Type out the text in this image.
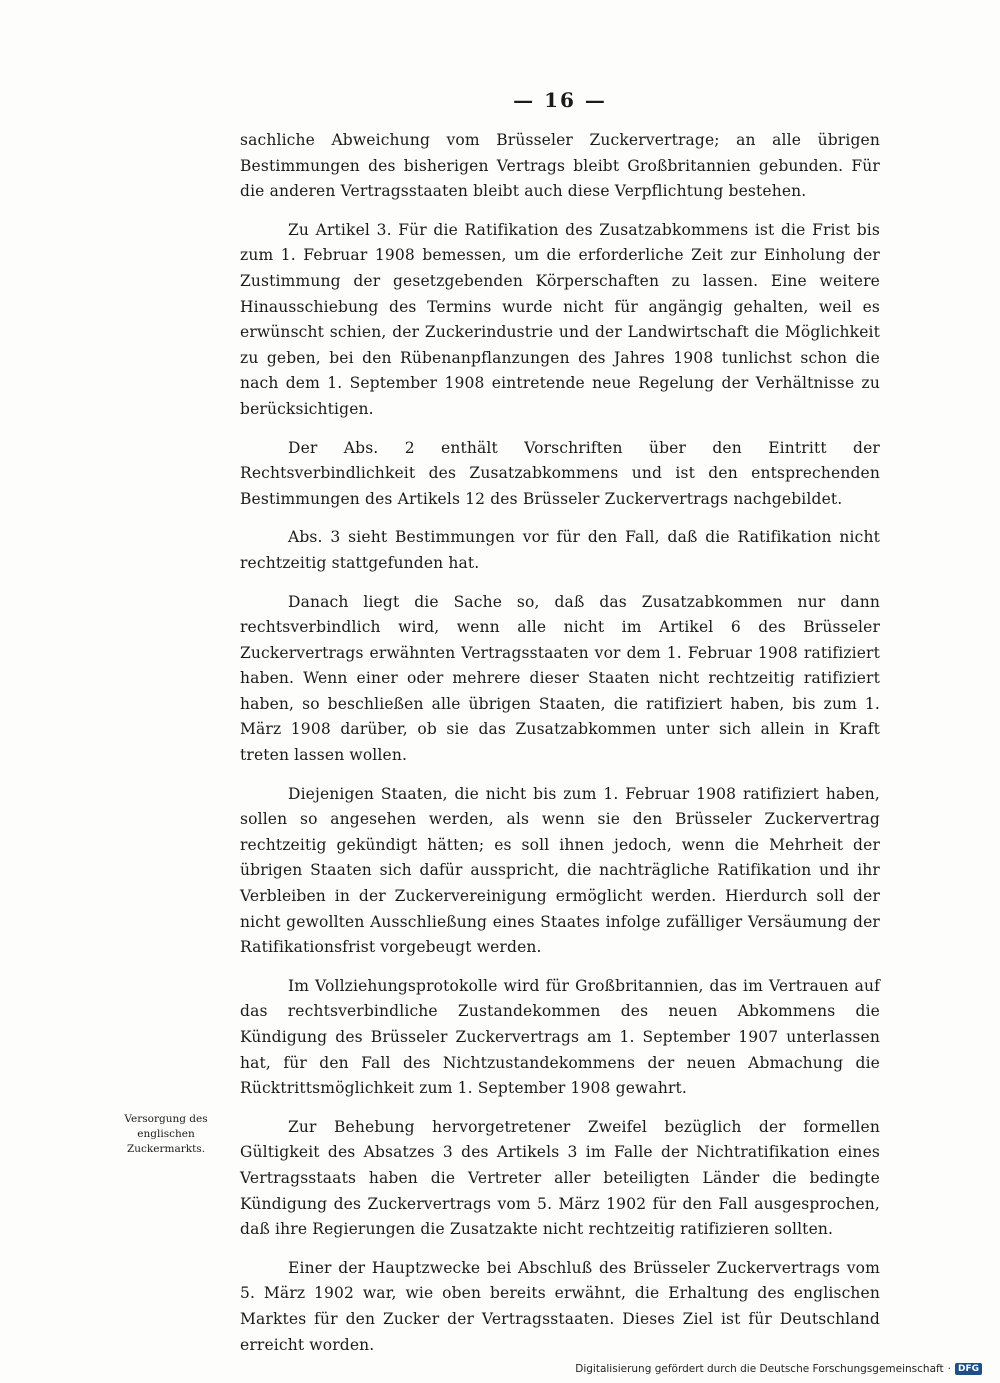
— 16 —

sachliche Abweichung vom Brüsseler Zuckervertrage; an alle übrigen Bestimmungen des bisherigen Vertrags bleibt Großbritannien gebunden. Für die anderen Vertragsstaaten bleibt auch diese Verpflichtung bestehen.

Zu Artikel 3. Für die Ratifikation des Zusatzabkommens ist die Frist bis zum 1. Februar 1908 bemessen, um die erforderliche Zeit zur Einholung der Zustimmung der gesetzgebenden Körperschaften zu lassen. Eine weitere Hinausschiebung des Termins wurde nicht für angängig gehalten, weil es erwünscht schien, der Zuckerindustrie und der Landwirtschaft die Möglichkeit zu geben, bei den Rübenanpflanzungen des Jahres 1908 tunlichst schon die nach dem 1. September 1908 eintretende neue Regelung der Verhältnisse zu berücksichtigen.

Der Abs. 2 enthält Vorschriften über den Eintritt der Rechtsverbindlichkeit des Zusatzabkommens und ist den entsprechenden Bestimmungen des Artikels 12 des Brüsseler Zuckervertrags nachgebildet.

Abs. 3 sieht Bestimmungen vor für den Fall, daß die Ratifikation nicht rechtzeitig stattgefunden hat.

Danach liegt die Sache so, daß das Zusatzabkommen nur dann rechtsverbindlich wird, wenn alle nicht im Artikel 6 des Brüsseler Zuckervertrags erwähnten Vertragsstaaten vor dem 1. Februar 1908 ratifiziert haben. Wenn einer oder mehrere dieser Staaten nicht rechtzeitig ratifiziert haben, so beschließen alle übrigen Staaten, die ratifiziert haben, bis zum 1. März 1908 darüber, ob sie das Zusatzabkommen unter sich allein in Kraft treten lassen wollen.

Diejenigen Staaten, die nicht bis zum 1. Februar 1908 ratifiziert haben, sollen so angesehen werden, als wenn sie den Brüsseler Zuckervertrag rechtzeitig gekündigt hätten; es soll ihnen jedoch, wenn die Mehrheit der übrigen Staaten sich dafür ausspricht, die nachträgliche Ratifikation und ihr Verbleiben in der Zuckervereinigung ermöglicht werden. Hierdurch soll der nicht gewollten Ausschließung eines Staates infolge zufälliger Versäumung der Ratifikationsfrist vorgebeugt werden.

Im Vollziehungsprotokolle wird für Großbritannien, das im Vertrauen auf das rechtsverbindliche Zustandekommen des neuen Abkommens die Kündigung des Brüsseler Zuckervertrags am 1. September 1907 unterlassen hat, für den Fall des Nichtzustandekommens der neuen Abmachung die Rücktrittsmöglichkeit zum 1. September 1908 gewahrt.

Zur Behebung hervorgetretener Zweifel bezüglich der formellen Gültigkeit des Absatzes 3 des Artikels 3 im Falle der Nichtratifikation eines Vertragsstaats haben die Vertreter aller beteiligten Länder die bedingte Kündigung des Zuckervertrags vom 5. März 1902 für den Fall ausgesprochen, daß ihre Regierungen die Zusatzakte nicht rechtzeitig ratifizieren sollten.

Einer der Hauptzwecke bei Abschluß des Brüsseler Zuckervertrags vom 5. März 1902 war, wie oben bereits erwähnt, die Erhaltung des englischen Marktes für den Zucker der Vertragsstaaten. Dieses Ziel ist für Deutschland erreicht worden.

Versorgung des
englischen Zuckermarkts.
Digitalisierung gefördert durch die Deutsche Forschungsgemeinschaft · DFG
